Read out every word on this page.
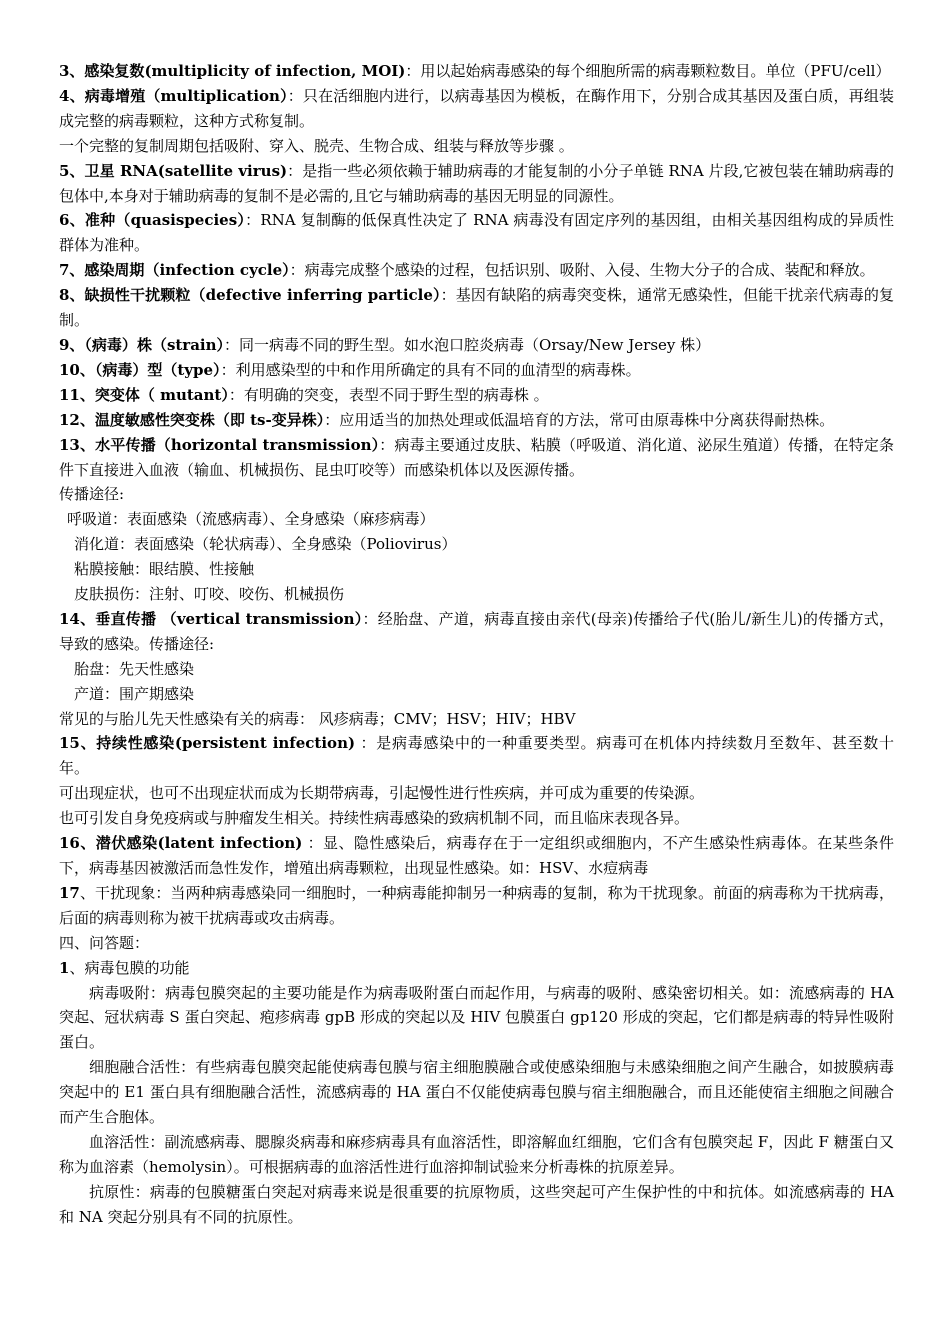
3、感染复数(multiplicity of infection, MOI)：用以起始病毒感染的每个细胞所需的病毒颗粒数目。单位（PFU/cell）

4、病毒增殖（multiplication）：只在活细胞内进行，以病毒基因为模板，在酶作用下，分别合成其基因及蛋白质，再组装成完整的病毒颗粒，这种方式称复制。

一个完整的复制周期包括吸附、穿入、脱壳、生物合成、组装与释放等步骤 。

5、卫星 RNA(satellite virus)：是指一些必须依赖于辅助病毒的才能复制的小分子单链 RNA 片段,它被包装在辅助病毒的包体中,本身对于辅助病毒的复制不是必需的,且它与辅助病毒的基因无明显的同源性。

6、准种（quasispecies）：RNA 复制酶的低保真性决定了 RNA 病毒没有固定序列的基因组，由相关基因组构成的异质性群体为准种。

7、感染周期（infection cycle）：病毒完成整个感染的过程，包括识别、吸附、入侵、生物大分子的合成、装配和释放。

8、缺损性干扰颗粒（defective inferring particle）：基因有缺陷的病毒突变株，通常无感染性，但能干扰亲代病毒的复制。

9、（病毒）株（strain）：同一病毒不同的野生型。如水泡口腔炎病毒（Orsay/New Jersey 株）

10、（病毒）型（type）：利用感染型的中和作用所确定的具有不同的血清型的病毒株。

11、突变体（ mutant）：有明确的突变，表型不同于野生型的病毒株 。

12、温度敏感性突变株（即 ts-变异株）：应用适当的加热处理或低温培育的方法，常可由原毒株中分离获得耐热株。

13、水平传播（horizontal transmission）：病毒主要通过皮肤、粘膜（呼吸道、消化道、泌尿生殖道）传播，在特定条件下直接进入血液（输血、机械损伤、昆虫叮咬等）而感染机体以及医源传播。

传播途径:

呼吸道：表面感染（流感病毒）、全身感染（麻疹病毒）

消化道：表面感染（轮状病毒）、全身感染（Poliovirus）

粘膜接触：眼结膜、性接触

皮肤损伤：注射、叮咬、咬伤、机械损伤

14、垂直传播 （vertical transmission）：经胎盘、产道，病毒直接由亲代(母亲)传播给子代(胎儿/新生儿)的传播方式，导致的感染。传播途径:

胎盘：先天性感染

产道：围产期感染

常见的与胎儿先天性感染有关的病毒： 风疹病毒；CMV；HSV；HIV；HBV

15、持续性感染(persistent infection) ：是病毒感染中的一种重要类型。病毒可在机体内持续数月至数年、甚至数十年。

可出现症状，也可不出现症状而成为长期带病毒，引起慢性进行性疾病，并可成为重要的传染源。

也可引发自身免疫病或与肿瘤发生相关。持续性病毒感染的致病机制不同，而且临床表现各异。

16、潜伏感染(latent infection) ：显、隐性感染后，病毒存在于一定组织或细胞内，不产生感染性病毒体。在某些条件下，病毒基因被激活而急性发作，增殖出病毒颗粒，出现显性感染。如：HSV、水痘病毒

17、干扰现象：当两种病毒感染同一细胞时，一种病毒能抑制另一种病毒的复制，称为干扰现象。前面的病毒称为干扰病毒，后面的病毒则称为被干扰病毒或攻击病毒。

四、问答题：

1、病毒包膜的功能

病毒吸附：病毒包膜突起的主要功能是作为病毒吸附蛋白而起作用，与病毒的吸附、感染密切相关。如：流感病毒的 HA 突起、冠状病毒 S 蛋白突起、疱疹病毒 gpB 形成的突起以及 HIV 包膜蛋白 gp120 形成的突起，它们都是病毒的特异性吸附蛋白。

细胞融合活性：有些病毒包膜突起能使病毒包膜与宿主细胞膜融合或使感染细胞与未感染细胞之间产生融合，如披膜病毒突起中的 E1 蛋白具有细胞融合活性，流感病毒的 HA 蛋白不仅能使病毒包膜与宿主细胞融合，而且还能使宿主细胞之间融合而产生合胞体。

血溶活性：副流感病毒、腮腺炎病毒和麻疹病毒具有血溶活性，即溶解血红细胞，它们含有包膜突起 F，因此 F 糖蛋白又称为血溶素（hemolysin）。可根据病毒的血溶活性进行血溶抑制试验来分析毒株的抗原差异。

抗原性：病毒的包膜糖蛋白突起对病毒来说是很重要的抗原物质，这些突起可产生保护性的中和抗体。如流感病毒的 HA 和 NA 突起分别具有不同的抗原性。
